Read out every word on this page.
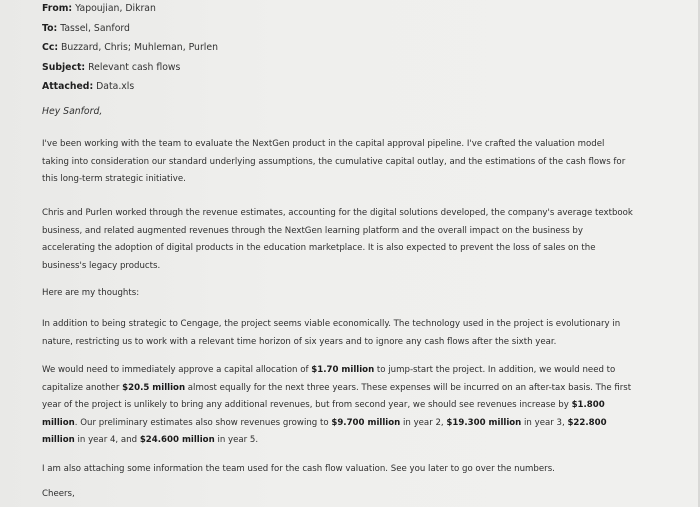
From: Yapoujian, Dikran
To: Tassel, Sanford
Cc: Buzzard, Chris; Muhleman, Purlen
Subject: Relevant cash flows
Attached: Data.xls
Hey Sanford,

I've been working with the team to evaluate the NextGen product in the capital approval pipeline. I've crafted the valuation model
taking into consideration our standard underlying assumptions, the cumulative capital outlay, and the estimations of the cash flows for
this long-term strategic initiative.

Chris and Purlen worked through the revenue estimates, accounting for the digital solutions developed, the company's average textbook
business, and related augmented revenues through the NextGen learning platform and the overall impact on the business by
accelerating the adoption of digital products in the education marketplace. It is also expected to prevent the loss of sales on the
business's legacy products.

Here are my thoughts:

In addition to being strategic to Cengage, the project seems viable economically. The technology used in the project is evolutionary in
nature, restricting us to work with a relevant time horizon of six years and to ignore any cash flows after the sixth year.

We would need to immediately approve a capital allocation of $1.70 million to jump-start the project. In addition, we would need to
capitalize another $20.5 million almost equally for the next three years. These expenses will be incurred on an after-tax basis. The first
year of the project is unlikely to bring any additional revenues, but from second year, we should see revenues increase by $1.800
million. Our preliminary estimates also show revenues growing to $9.700 million in year 2, $19.300 million in year 3, $22.800
million in year 4, and $24.600 million in year 5.

I am also attaching some information the team used for the cash flow valuation. See you later to go over the numbers.

Cheers,
